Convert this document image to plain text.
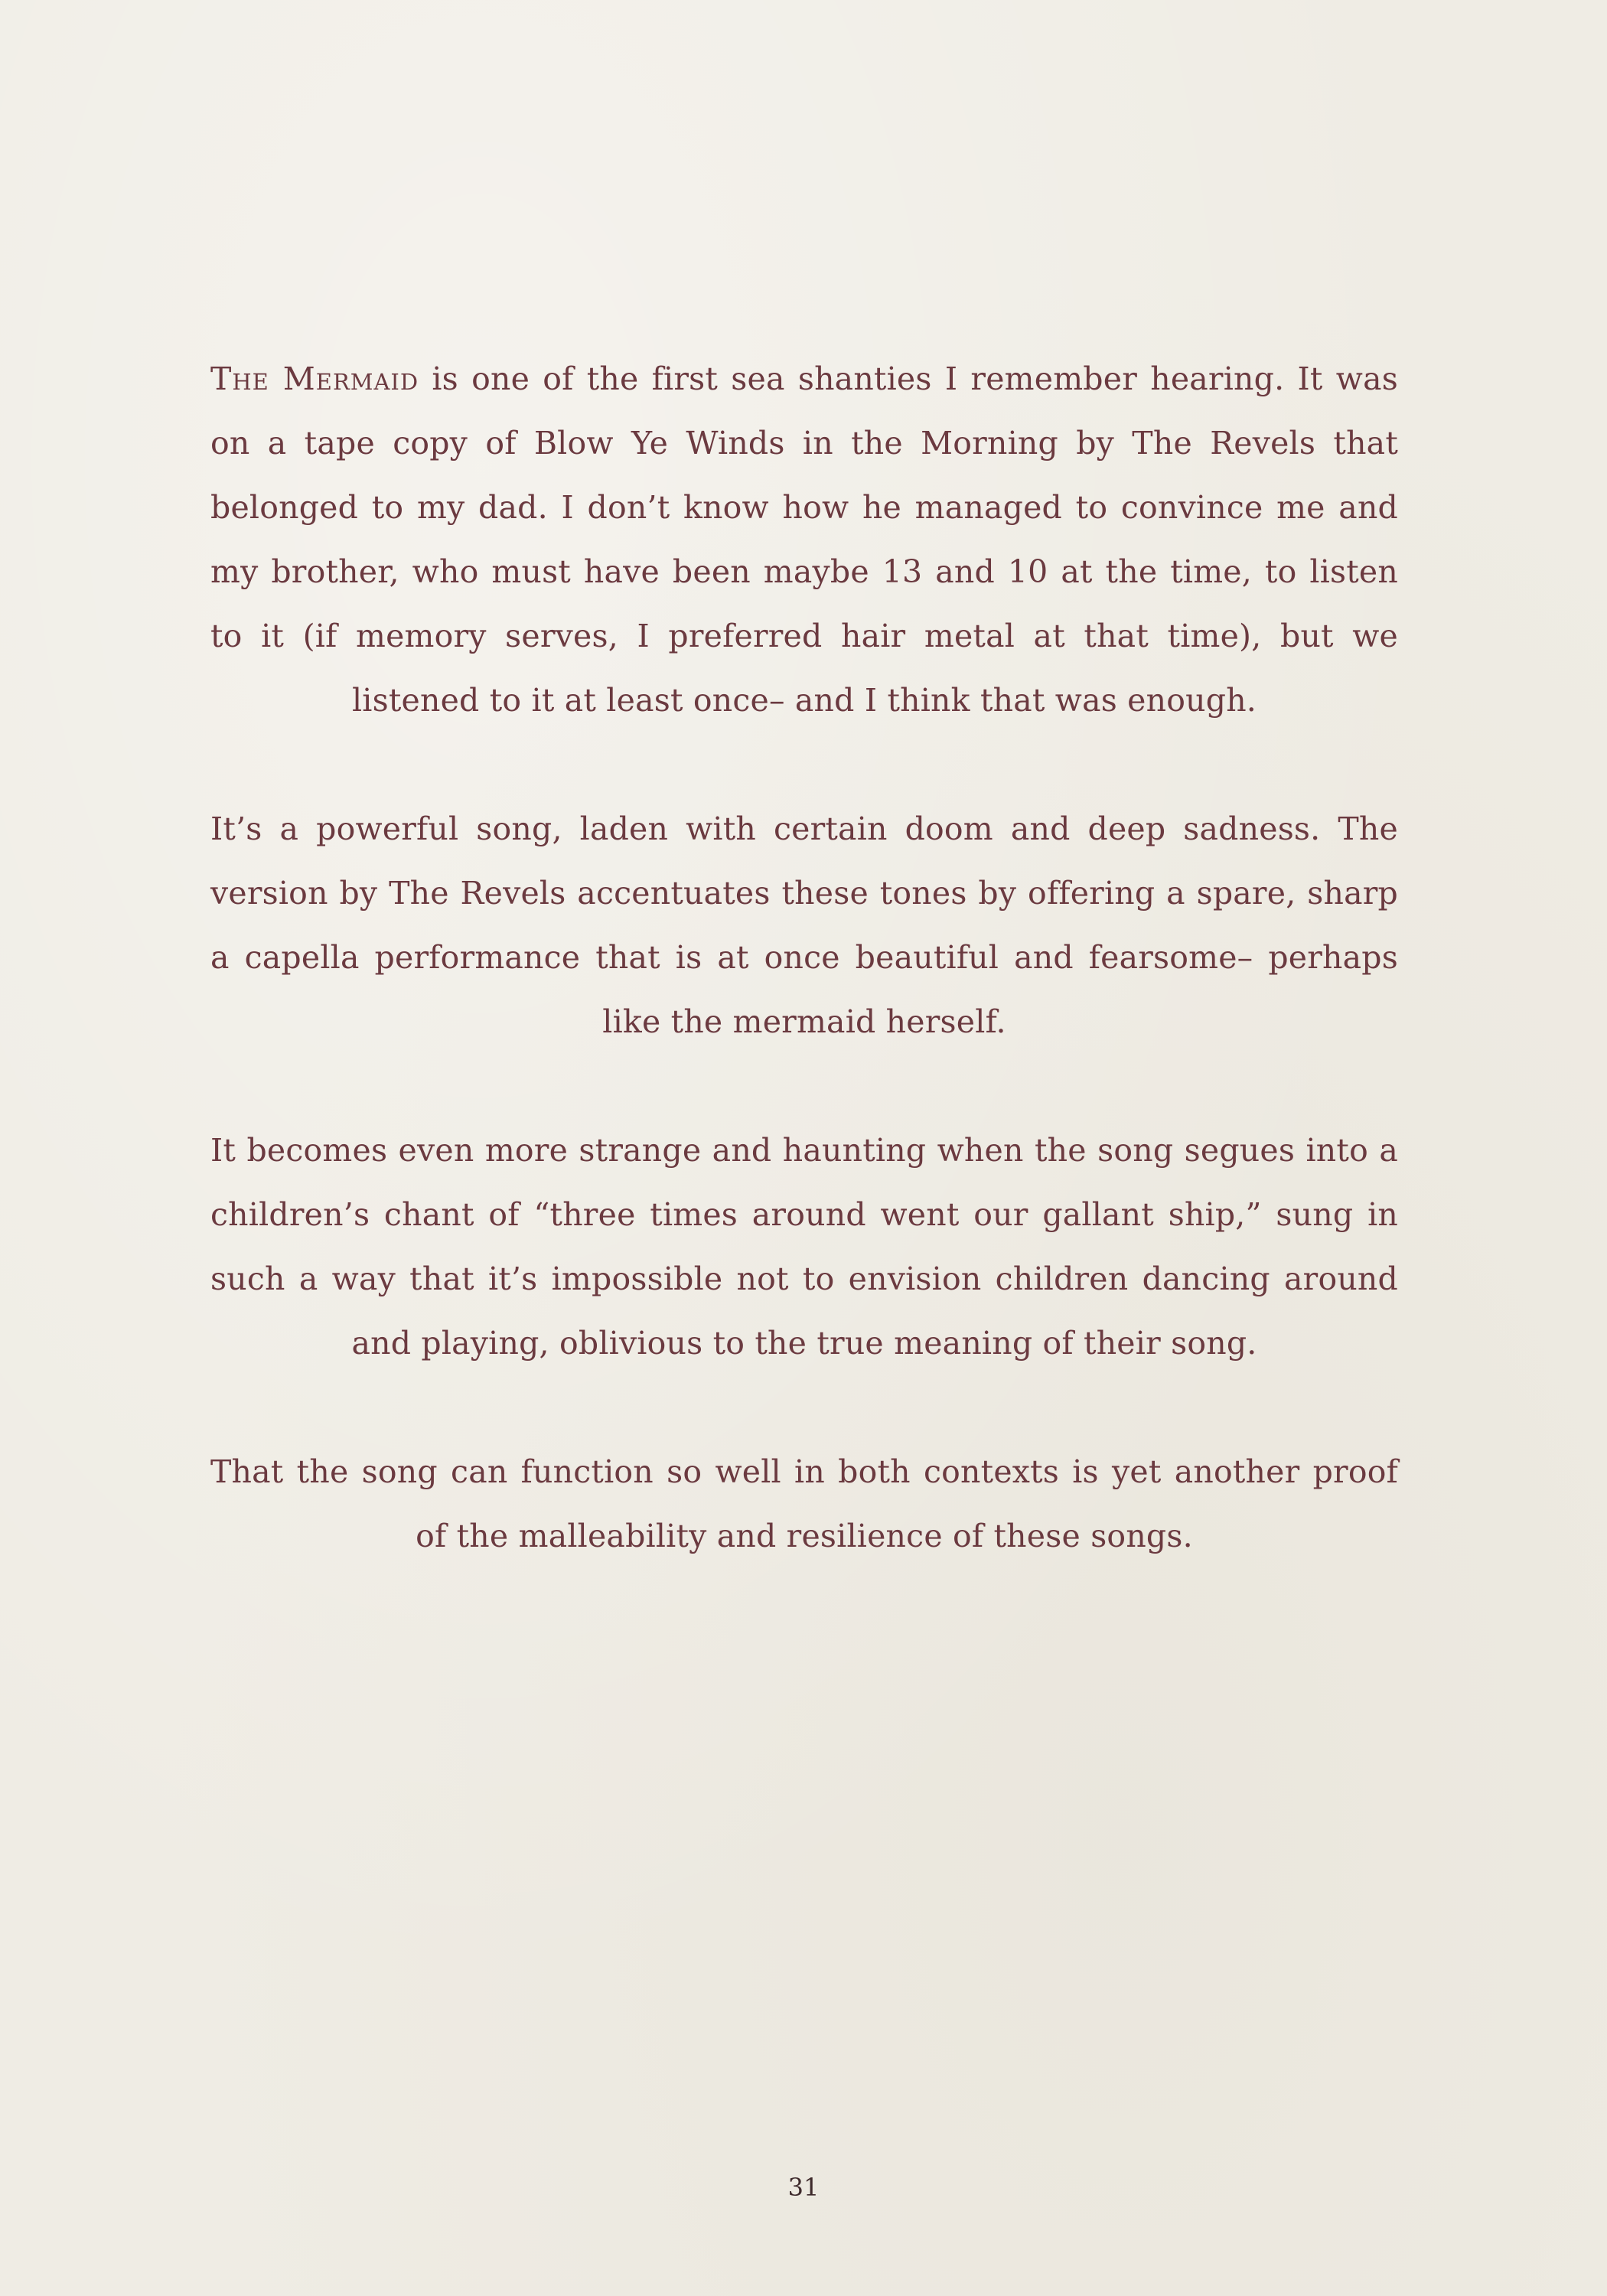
The Mermaid is one of the first sea shanties I remember hearing. It was on a tape copy of Blow Ye Winds in the Morning by The Revels that belonged to my dad. I don’t know how he managed to convince me and my brother, who must have been maybe 13 and 10 at the time, to listen to it (if memory serves, I preferred hair metal at that time), but we listened to it at least once– and I think that was enough.

It’s a powerful song, laden with certain doom and deep sadness. The version by The Revels accentuates these tones by offering a spare, sharp a capella performance that is at once beautiful and fearsome– perhaps like the mermaid herself.

It becomes even more strange and haunting when the song segues into a children’s chant of “three times around went our gallant ship,” sung in such a way that it’s impossible not to envision children dancing around and playing, oblivious to the true meaning of their song.

That the song can function so well in both contexts is yet another proof of the malleability and resilience of these songs.

31
